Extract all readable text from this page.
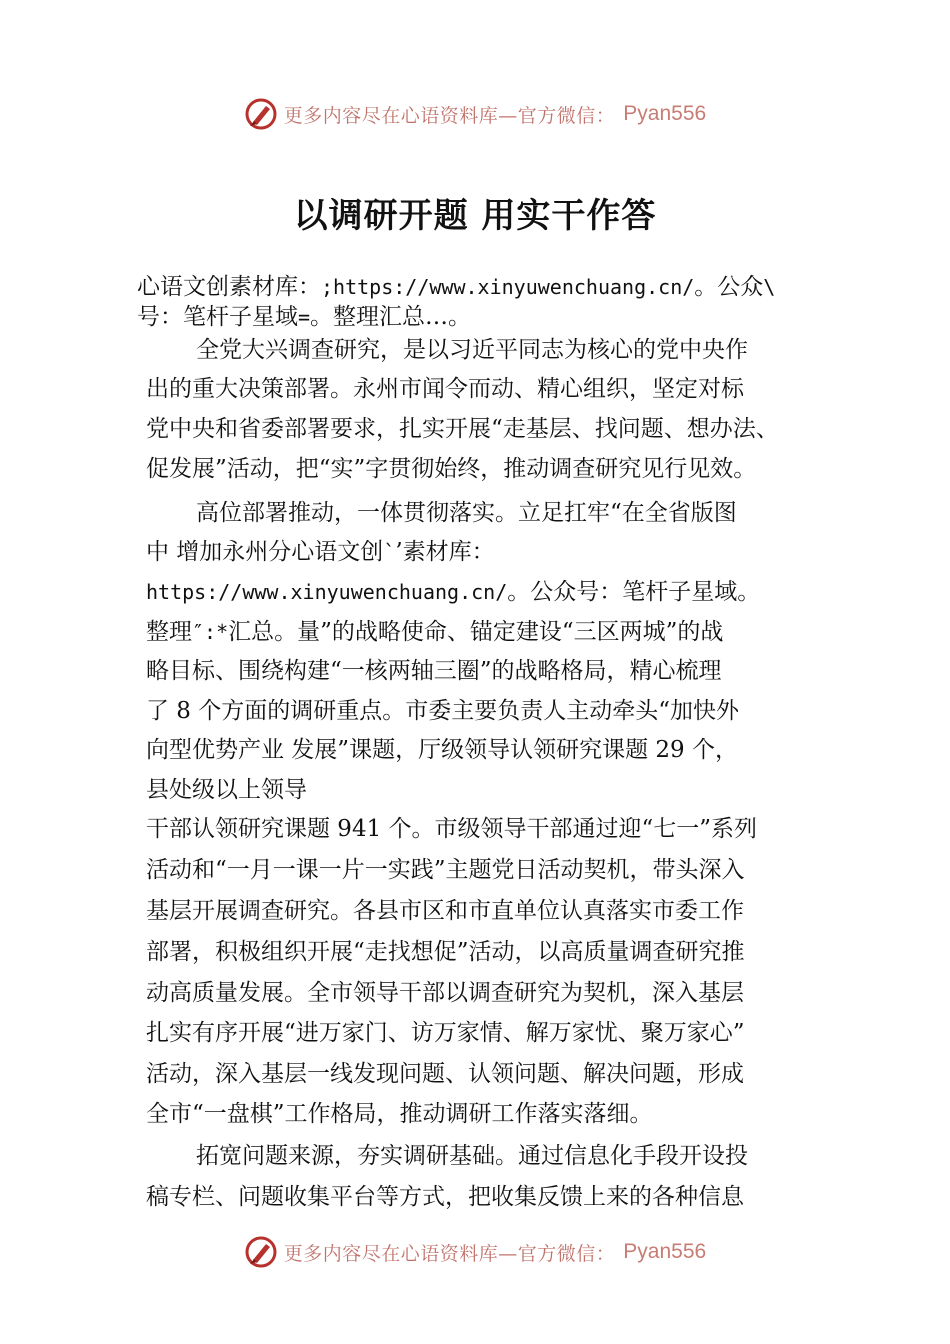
更多内容尽在心语资料库—官方微信： Pyan556
以调研开题 用实干作答
心语文创素材库：;https://www.xinyuwenchuang.cn/。公众\
号：笔杆子星域=。整理汇总…。
全党大兴调查研究，是以习近平同志为核心的党中央作
出的重大决策部署。永州市闻令而动、精心组织，坚定对标
党中央和省委部署要求，扎实开展“走基层、找问题、想办法、
促发展”活动，把“实”字贯彻始终，推动调查研究见行见效。
高位部署推动，一体贯彻落实。立足扛牢“在全省版图
中 增加永州分心语文创`’素材库：
https://www.xinyuwenchuang.cn/。公众号：笔杆子星域。
整理″:*汇总。量”的战略使命、锚定建设“三区两城”的战
略目标、围绕构建“一核两轴三圈”的战略格局，精心梳理
了 8 个方面的调研重点。市委主要负责人主动牵头“加快外
向型优势产业 发展”课题，厅级领导认领研究课题 29 个，
县处级以上领导
干部认领研究课题 941 个。市级领导干部通过迎“七一”系列
活动和“一月一课一片一实践”主题党日活动契机，带头深入
基层开展调查研究。各县市区和市直单位认真落实市委工作
部署，积极组织开展“走找想促”活动，以高质量调查研究推
动高质量发展。全市领导干部以调查研究为契机，深入基层
扎实有序开展“进万家门、访万家情、解万家忧、聚万家心”
活动，深入基层一线发现问题、认领问题、解决问题，形成
全市“一盘棋”工作格局，推动调研工作落实落细。
拓宽问题来源，夯实调研基础。通过信息化手段开设投
稿专栏、问题收集平台等方式，把收集反馈上来的各种信息
更多内容尽在心语资料库—官方微信： Pyan556
